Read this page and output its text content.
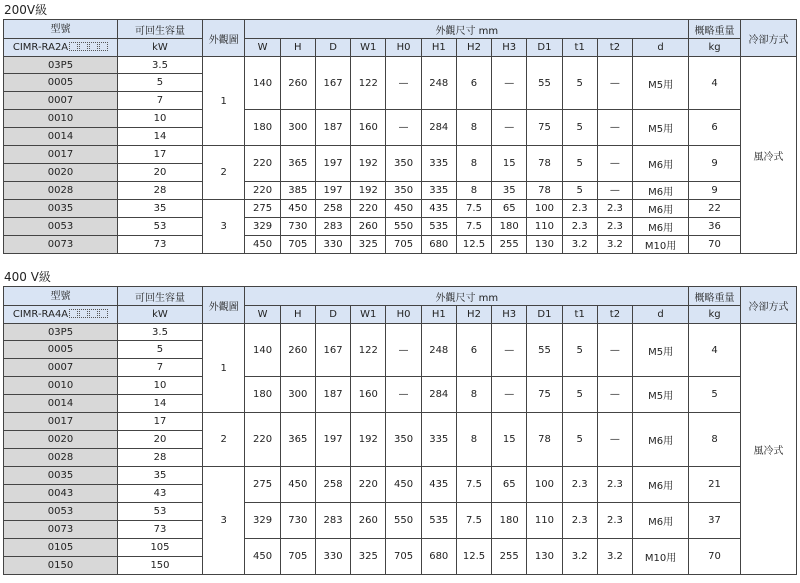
200V級
型號	可回生容量	外觀圖	外觀尺寸 mm												概略重量	冷卻方式
CIMR-RA2A	kW		W	H	D	W1	H0	H1	H2	H3	D1	t1	t2	d	kg	
03P5	3.5	1	140	260	167	122	—	248	6	—	55	5	—	M5用	4	風冷式
0005	5															
0007	7															
0010	10		180	300	187	160	—	284	8	—	75	5	—	M5用	6	
0014	14															
0017	17	2	220	365	197	192	350	335	8	15	78	5	—	M6用	9	
0020	20															
0028	28		220	385	197	192	350	335	8	35	78	5	—	M6用	9	
0035	35	3	275	450	258	220	450	435	7.5	65	100	2.3	2.3	M6用	22	
0053	53		329	730	283	260	550	535	7.5	180	110	2.3	2.3	M6用	36	
0073	73		450	705	330	325	705	680	12.5	255	130	3.2	3.2	M10用	70	
400 V級
型號	可回生容量	外觀圖	外觀尺寸 mm												概略重量	冷卻方式
CIMR-RA4A	kW		W	H	D	W1	H0	H1	H2	H3	D1	t1	t2	d	kg	
03P5	3.5	1	140	260	167	122	—	248	6	—	55	5	—	M5用	4	風冷式
0005	5															
0007	7															
0010	10		180	300	187	160	—	284	8	—	75	5	—	M5用	5	
0014	14															
0017	17	2	220	365	197	192	350	335	8	15	78	5	—	M6用	8	
0020	20															
0028	28															
0035	35	3	275	450	258	220	450	435	7.5	65	100	2.3	2.3	M6用	21	
0043	43															
0053	53		329	730	283	260	550	535	7.5	180	110	2.3	2.3	M6用	37	
0073	73															
0105	105		450	705	330	325	705	680	12.5	255	130	3.2	3.2	M10用	70	
0150	150															
